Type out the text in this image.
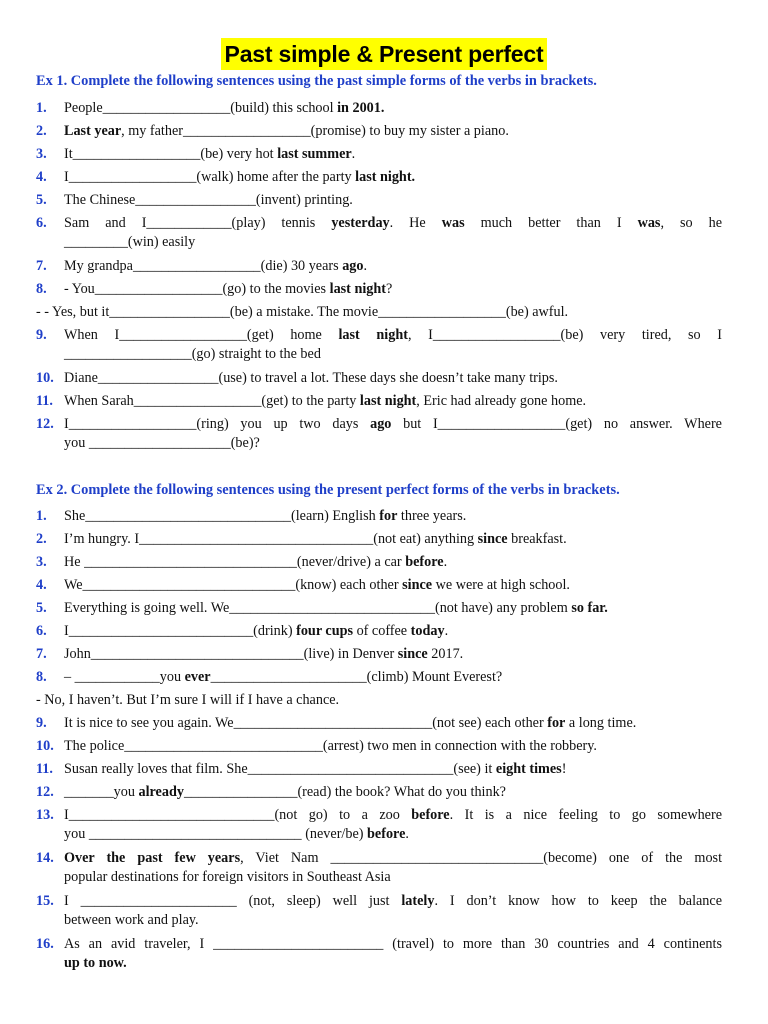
Past simple & Present perfect
Ex 1. Complete the following sentences using the past simple forms of the verbs in brackets.
1.	People__________________(build) this school in 2001.
2.	Last year, my father__________________(promise) to buy my sister a piano.
3.	It__________________(be) very hot last summer.
4.	I__________________(walk) home after the party last night.
5.	The Chinese_________________(invent) printing.
6.	Sam and I____________(play) tennis yesterday. He was much better than I was, so he
_________(win) easily
7.	My grandpa__________________(die) 30 years ago.
8.	- You__________________(go) to the movies last night?
- - Yes, but it_________________(be) a mistake. The movie__________________(be) awful.
9.	When I__________________(get) home last night, I__________________(be) very tired, so I
__________________(go) straight to the bed
10. Diane_________________(use) to travel a lot. These days she doesn’t take many trips.
11. When Sarah__________________(get) to the party last night, Eric had already gone home.
12. I__________________(ring) you up two days ago but I__________________(get) no answer. Where
you ____________________(be)?
Ex 2. Complete the following sentences using the present perfect forms of the verbs in brackets.
1.	She_____________________________(learn) English for three years.
2.	I’m hungry. I_________________________________(not eat) anything since breakfast.
3.	He ______________________________(never/drive) a car before.
4.	We______________________________(know) each other since we were at high school.
5.	Everything is going well. We_____________________________(not have) any problem so far.
6.	I__________________________(drink) four cups of coffee today.
7.	John______________________________(live) in Denver since 2017.
8.	– ____________you ever______________________(climb) Mount Everest?
- No, I haven’t. But I’m sure I will if I have a chance.
9.	It is nice to see you again. We____________________________(not see) each other for a long time.
10. The police____________________________(arrest) two men in connection with the robbery.
11. Susan really loves that film. She_____________________________(see) it eight times!
12. _______you already________________(read) the book? What do you think?
13. I_____________________________(not go) to a zoo before. It is a nice feeling to go somewhere
you ______________________________ (never/be) before.
14. Over the past few years, Viet Nam ______________________________(become) one of the most
popular destinations for foreign visitors in Southeast Asia
15. I ______________________ (not, sleep) well just lately. I don’t know how to keep the balance
between work and play.
16. As an avid traveler, I ________________________ (travel) to more than 30 countries and 4 continents
up to now.
